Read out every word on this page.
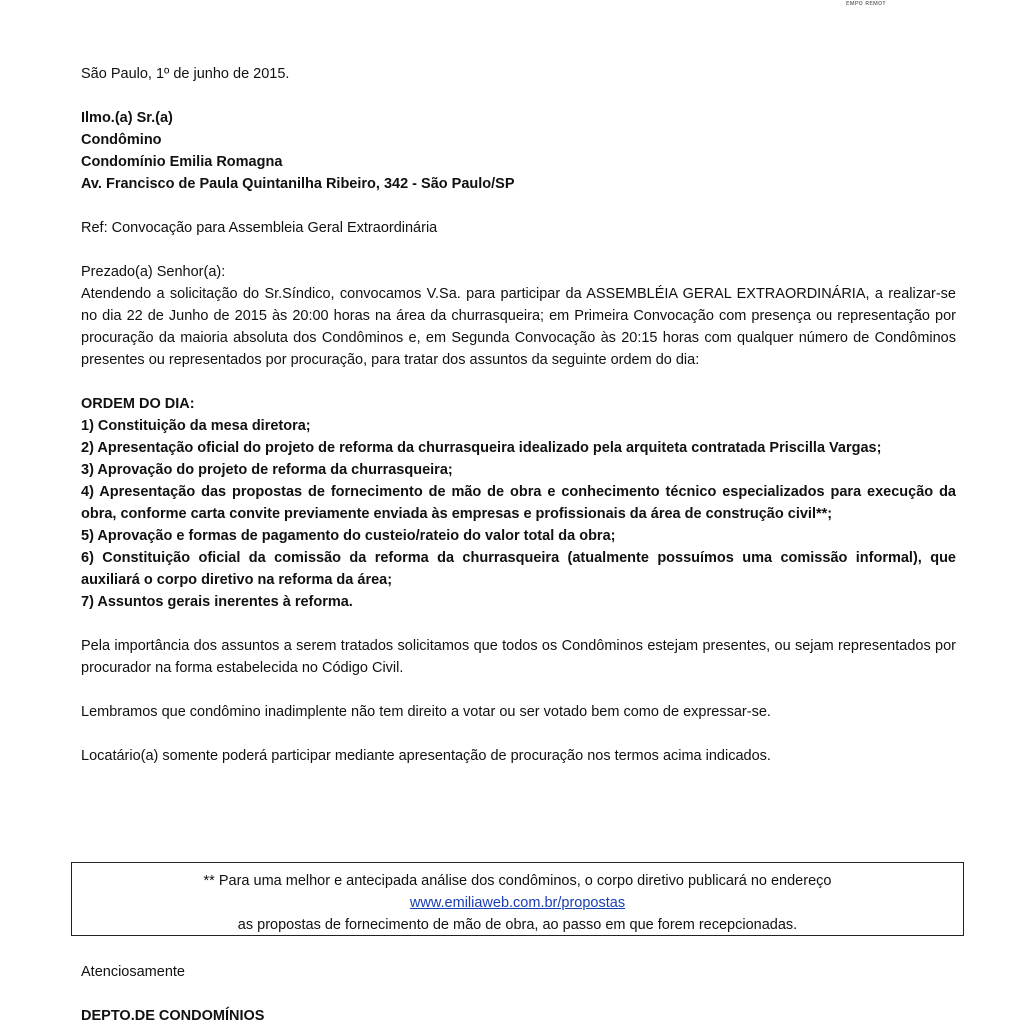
ᴇᴍᴘᴏ ʀᴇᴍᴏᴛ

São Paulo, 1º de junho de 2015.

Ilmo.(a) Sr.(a)

Condômino

Condomínio Emilia Romagna

Av. Francisco de Paula Quintanilha Ribeiro, 342 - São Paulo/SP

Ref: Convocação para Assembleia Geral Extraordinária

Prezado(a) Senhor(a):

Atendendo a solicitação do Sr.Síndico, convocamos V.Sa. para participar da ASSEMBLÉIA GERAL EXTRAORDINÁRIA, a realizar-se no dia 22 de Junho de 2015 às 20:00 horas na área da churrasqueira; em Primeira Convocação com presença ou representação por procuração da maioria absoluta dos Condôminos e, em Segunda Convocação às 20:15 horas com qualquer número de Condôminos presentes ou representados por procuração, para tratar dos assuntos da seguinte ordem do dia:

ORDEM DO DIA:

1) Constituição da mesa diretora;

2) Apresentação oficial do projeto de reforma da churrasqueira idealizado pela arquiteta contratada Priscilla Vargas;

3) Aprovação do projeto de reforma da churrasqueira;

4) Apresentação das propostas de fornecimento de mão de obra e conhecimento técnico especializados para execução da obra, conforme carta convite previamente enviada às empresas e profissionais da área de construção civil**;

5) Aprovação e formas de pagamento do custeio/rateio do valor total da obra;

6) Constituição oficial da comissão da reforma da churrasqueira (atualmente possuímos uma comissão informal), que auxiliará o corpo diretivo na reforma da área;

7) Assuntos gerais inerentes à reforma.

Pela importância dos assuntos a serem tratados solicitamos que todos os Condôminos estejam presentes, ou sejam representados por procurador na forma estabelecida no Código Civil.

Lembramos que condômino inadimplente não tem direito a votar ou ser votado bem como de expressar-se.

Locatário(a) somente poderá participar mediante apresentação de procuração nos termos acima indicados.

** Para uma melhor e antecipada análise dos condôminos, o corpo diretivo publicará no endereço

www.emiliaweb.com.br/propostas

as propostas de fornecimento de mão de obra, ao passo em que forem recepcionadas.

Atenciosamente

DEPTO.DE CONDOMÍNIOS
